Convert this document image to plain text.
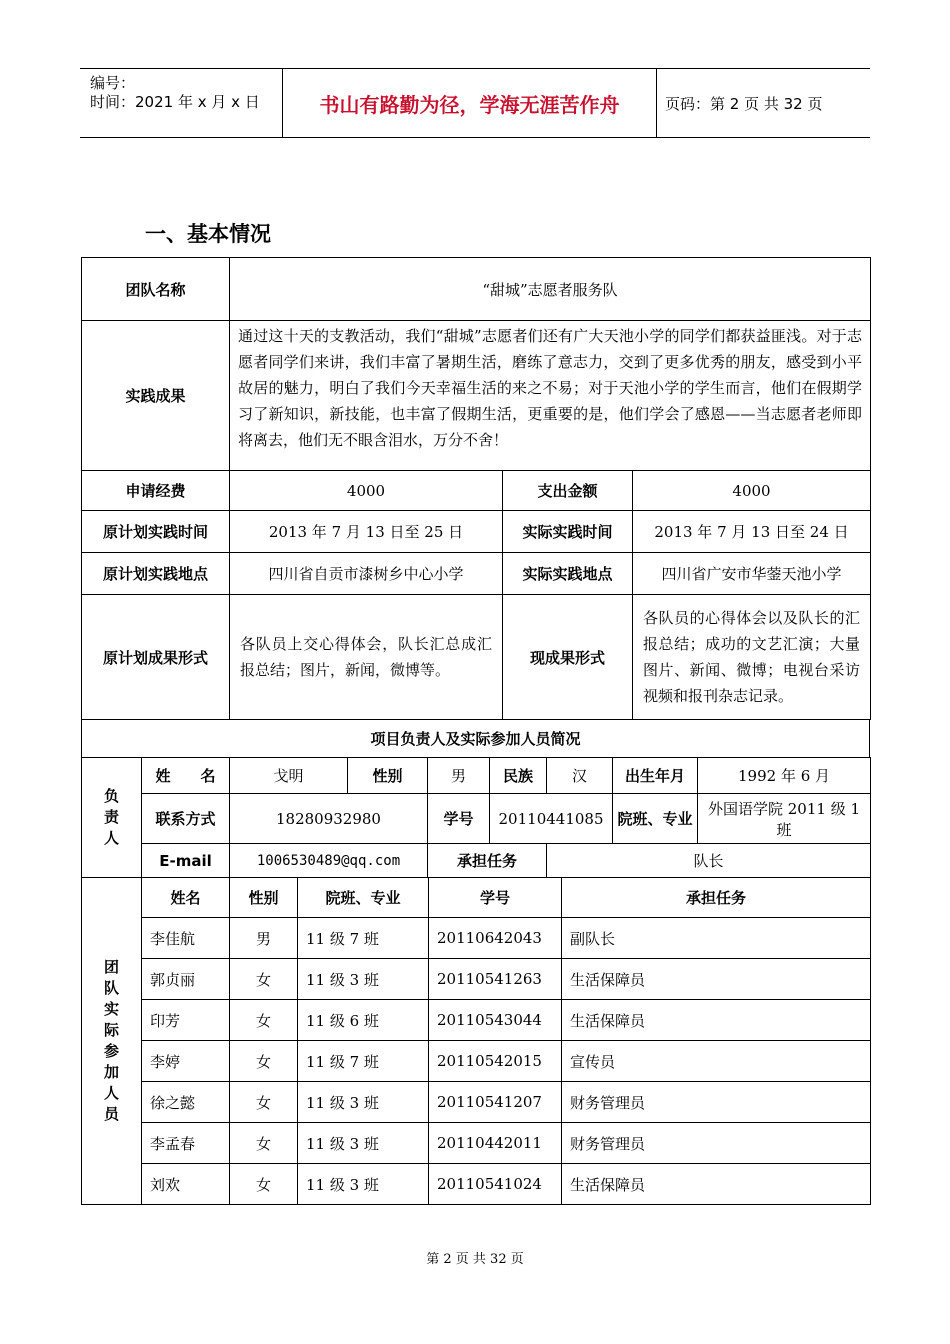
编号：
时间：2021 年 x 月 x 日	书山有路勤为径，学海无涯苦作舟	页码：第 2 页 共 32 页
一、基本情况
团队名称	“甜城”志愿者服务队		
实践成果	通过这十天的支教活动，我们“甜城”志愿者们还有广大天池小学的同学们都获益匪浅。对于志愿者同学们来讲，我们丰富了暑期生活，磨练了意志力，交到了更多优秀的朋友，感受到小平故居的魅力，明白了我们今天幸福生活的来之不易；对于天池小学的学生而言，他们在假期学习了新知识，新技能，也丰富了假期生活，更重要的是，他们学会了感恩——当志愿者老师即将离去，他们无不眼含泪水，万分不舍！		
申请经费	4000	支出金额	4000
原计划实践时间	2013 年 7 月 13 日至 25 日	实际实践时间	2013 年 7 月 13 日至 24 日
原计划实践地点	四川省自贡市漆树乡中心小学	实际实践地点	四川省广安市华蓥天池小学
原计划成果形式	各队员上交心得体会，队长汇总成汇报总结；图片，新闻，微博等。	现成果形式	各队员的心得体会以及队长的汇报总结；成功的文艺汇演；大量图片、新闻、微博；电视台采访视频和报刊杂志记录。
项目负责人及实际参加人员简况
负责人	姓　　名	戈明	性别	男	民族	汉	出生年月	1992 年 6 月
	联系方式	18280932980		学号	20110441085		院班、专业	外国语学院 2011 级 1 班
	E-mail	1006530489@qq.com		承担任务		队长		
团队实际参加人员	姓名	性别	院班、专业	学号	承担任务
	李佳航	男	11 级 7 班	20110642043	副队长
	郭贞丽	女	11 级 3 班	20110541263	生活保障员
	印芳	女	11 级 6 班	20110543044	生活保障员
	李婷	女	11 级 7 班	20110542015	宣传员
	徐之懿	女	11 级 3 班	20110541207	财务管理员
	李孟春	女	11 级 3 班	20110442011	财务管理员
	刘欢	女	11 级 3 班	20110541024	生活保障员
第 2 页 共 32 页
